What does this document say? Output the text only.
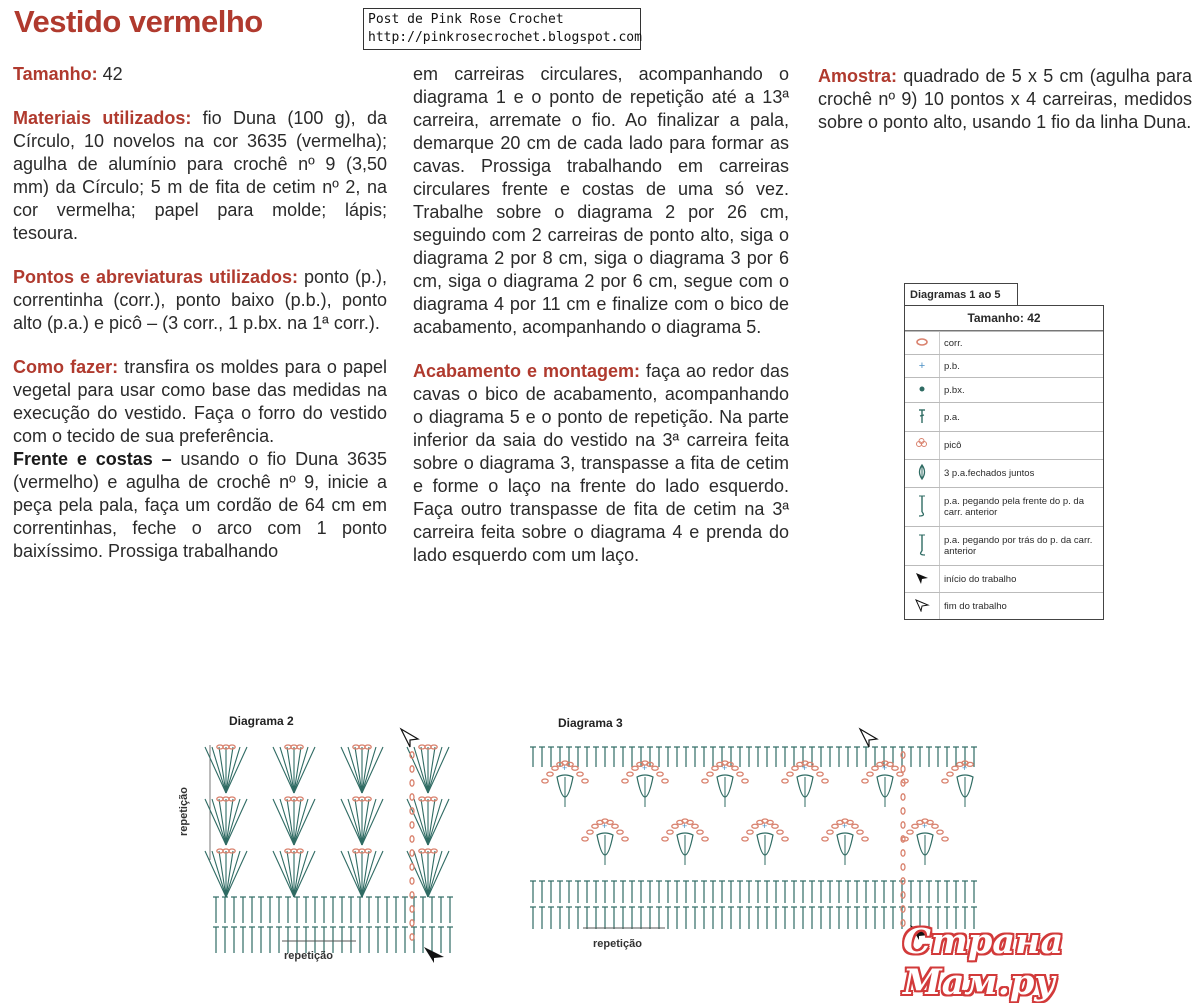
Vestido vermelho	Post de Pink Rose Crochet
http://pinkrosecrochet.blogspot.com

Tamanho: 42

Materiais utilizados: fio Duna (100 g), da Círculo, 10 novelos na cor 3635 (vermelha); agulha de alumínio para crochê nº 9 (3,50 mm) da Círculo; 5 m de fita de cetim nº 2, na cor vermelha; papel para molde; lápis; tesoura.

Pontos e abreviaturas utilizados: ponto (p.), correntinha (corr.), ponto baixo (p.b.), ponto alto (p.a.) e picô – (3 corr., 1 p.bx. na 1ª corr.).

Como fazer: transfira os moldes para o papel vegetal para usar como base das medidas na execução do vestido. Faça o forro do vestido com o tecido de sua preferência.

Frente e costas – usando o fio Duna 3635 (vermelho) e agulha de crochê nº 9, inicie a peça pela pala, faça um cordão de 64 cm em correntinhas, feche o arco com 1 ponto baixíssimo. Prossiga trabalhando

em carreiras circulares, acompanhando o diagrama 1 e o ponto de repetição até a 13ª carreira, arremate o fio. Ao finalizar a pala, demarque 20 cm de cada lado para formar as cavas. Prossiga trabalhando em carreiras circulares frente e costas de uma só vez. Trabalhe sobre o diagrama 2 por 26 cm, seguindo com 2 carreiras de ponto alto, siga o diagrama 2 por 8 cm, siga o diagrama 3 por 6 cm, siga o diagrama 2 por 6 cm, segue com o diagrama 4 por 11 cm e finalize com o bico de acabamento, acompanhando o diagrama 5.

Acabamento e montagem: faça ao redor das cavas o bico de acabamento, acompanhando o diagrama 5 e o ponto de repetição. Na parte inferior da saia do vestido na 3ª carreira feita sobre o diagrama 3, transpasse a fita de cetim e forme o laço na frente do lado esquerdo. Faça outro transpasse de fita de cetim na 3ª carreira feita sobre o diagrama 4 e prenda do lado esquerdo com um laço.

Amostra: quadrado de 5 x 5 cm (agulha para crochê nº 9) 10 pontos x 4 carreiras, medidos sobre o ponto alto, usando 1 fio da linha Duna.

Diagramas 1 ao 5
Tamanho: 42
corr.
+	p.b.
p.bx.
p.a.
picô
3 p.a.fechados juntos
p.a. pegando pela frente do p. da carr. anterior
p.a. pegando por trás do p. da carr. anterior
início do trabalho
fim do trabalho
Diagrama 2
repetição
repetição
Diagrama 3
+	+	+	+	+	+
+	+	+	+	+
repetição	Страна Мам.ру
